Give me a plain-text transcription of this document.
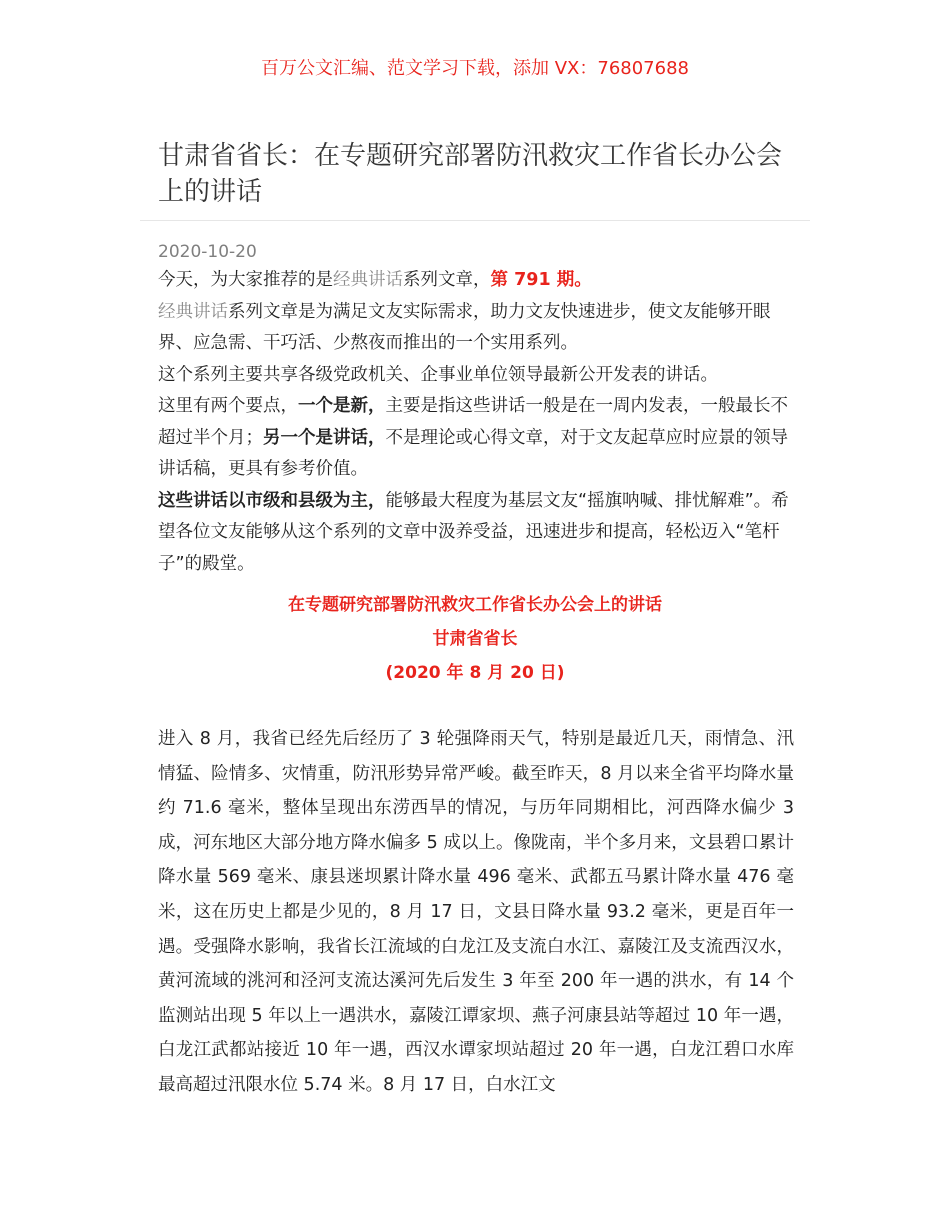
百万公文汇编、范文学习下载，添加 VX：76807688
甘肃省省长：在专题研究部署防汛救灾工作省长办公会上的讲话
2020-10-20

今天，为大家推荐的是经典讲话系列文章，第 791 期。

经典讲话系列文章是为满足文友实际需求，助力文友快速进步，使文友能够开眼界、应急需、干巧活、少熬夜而推出的一个实用系列。

这个系列主要共享各级党政机关、企事业单位领导最新公开发表的讲话。

这里有两个要点，一个是新，主要是指这些讲话一般是在一周内发表，一般最长不超过半个月；另一个是讲话，不是理论或心得文章，对于文友起草应时应景的领导讲话稿，更具有参考价值。

这些讲话以市级和县级为主，能够最大程度为基层文友“摇旗呐喊、排忧解难”。希望各位文友能够从这个系列的文章中汲养受益，迅速进步和提高，轻松迈入“笔杆子”的殿堂。

在专题研究部署防汛救灾工作省长办公会上的讲话
甘肃省省长
(2020 年 8 月 20 日)

进入 8 月，我省已经先后经历了 3 轮强降雨天气，特别是最近几天，雨情急、汛情猛、险情多、灾情重，防汛形势异常严峻。截至昨天，8 月以来全省平均降水量约 71.6 毫米，整体呈现出东涝西旱的情况，与历年同期相比，河西降水偏少 3 成，河东地区大部分地方降水偏多 5 成以上。像陇南，半个多月来，文县碧口累计降水量 569 毫米、康县迷坝累计降水量 496 毫米、武都五马累计降水量 476 毫米，这在历史上都是少见的，8 月 17 日，文县日降水量 93.2 毫米，更是百年一遇。受强降水影响，我省长江流域的白龙江及支流白水江、嘉陵江及支流西汉水，黄河流域的洮河和泾河支流达溪河先后发生 3 年至 200 年一遇的洪水，有 14 个监测站出现 5 年以上一遇洪水，嘉陵江谭家坝、燕子河康县站等超过 10 年一遇，白龙江武都站接近 10 年一遇，西汉水谭家坝站超过 20 年一遇，白龙江碧口水库最高超过汛限水位 5.74 米。8 月 17 日，白水江文
